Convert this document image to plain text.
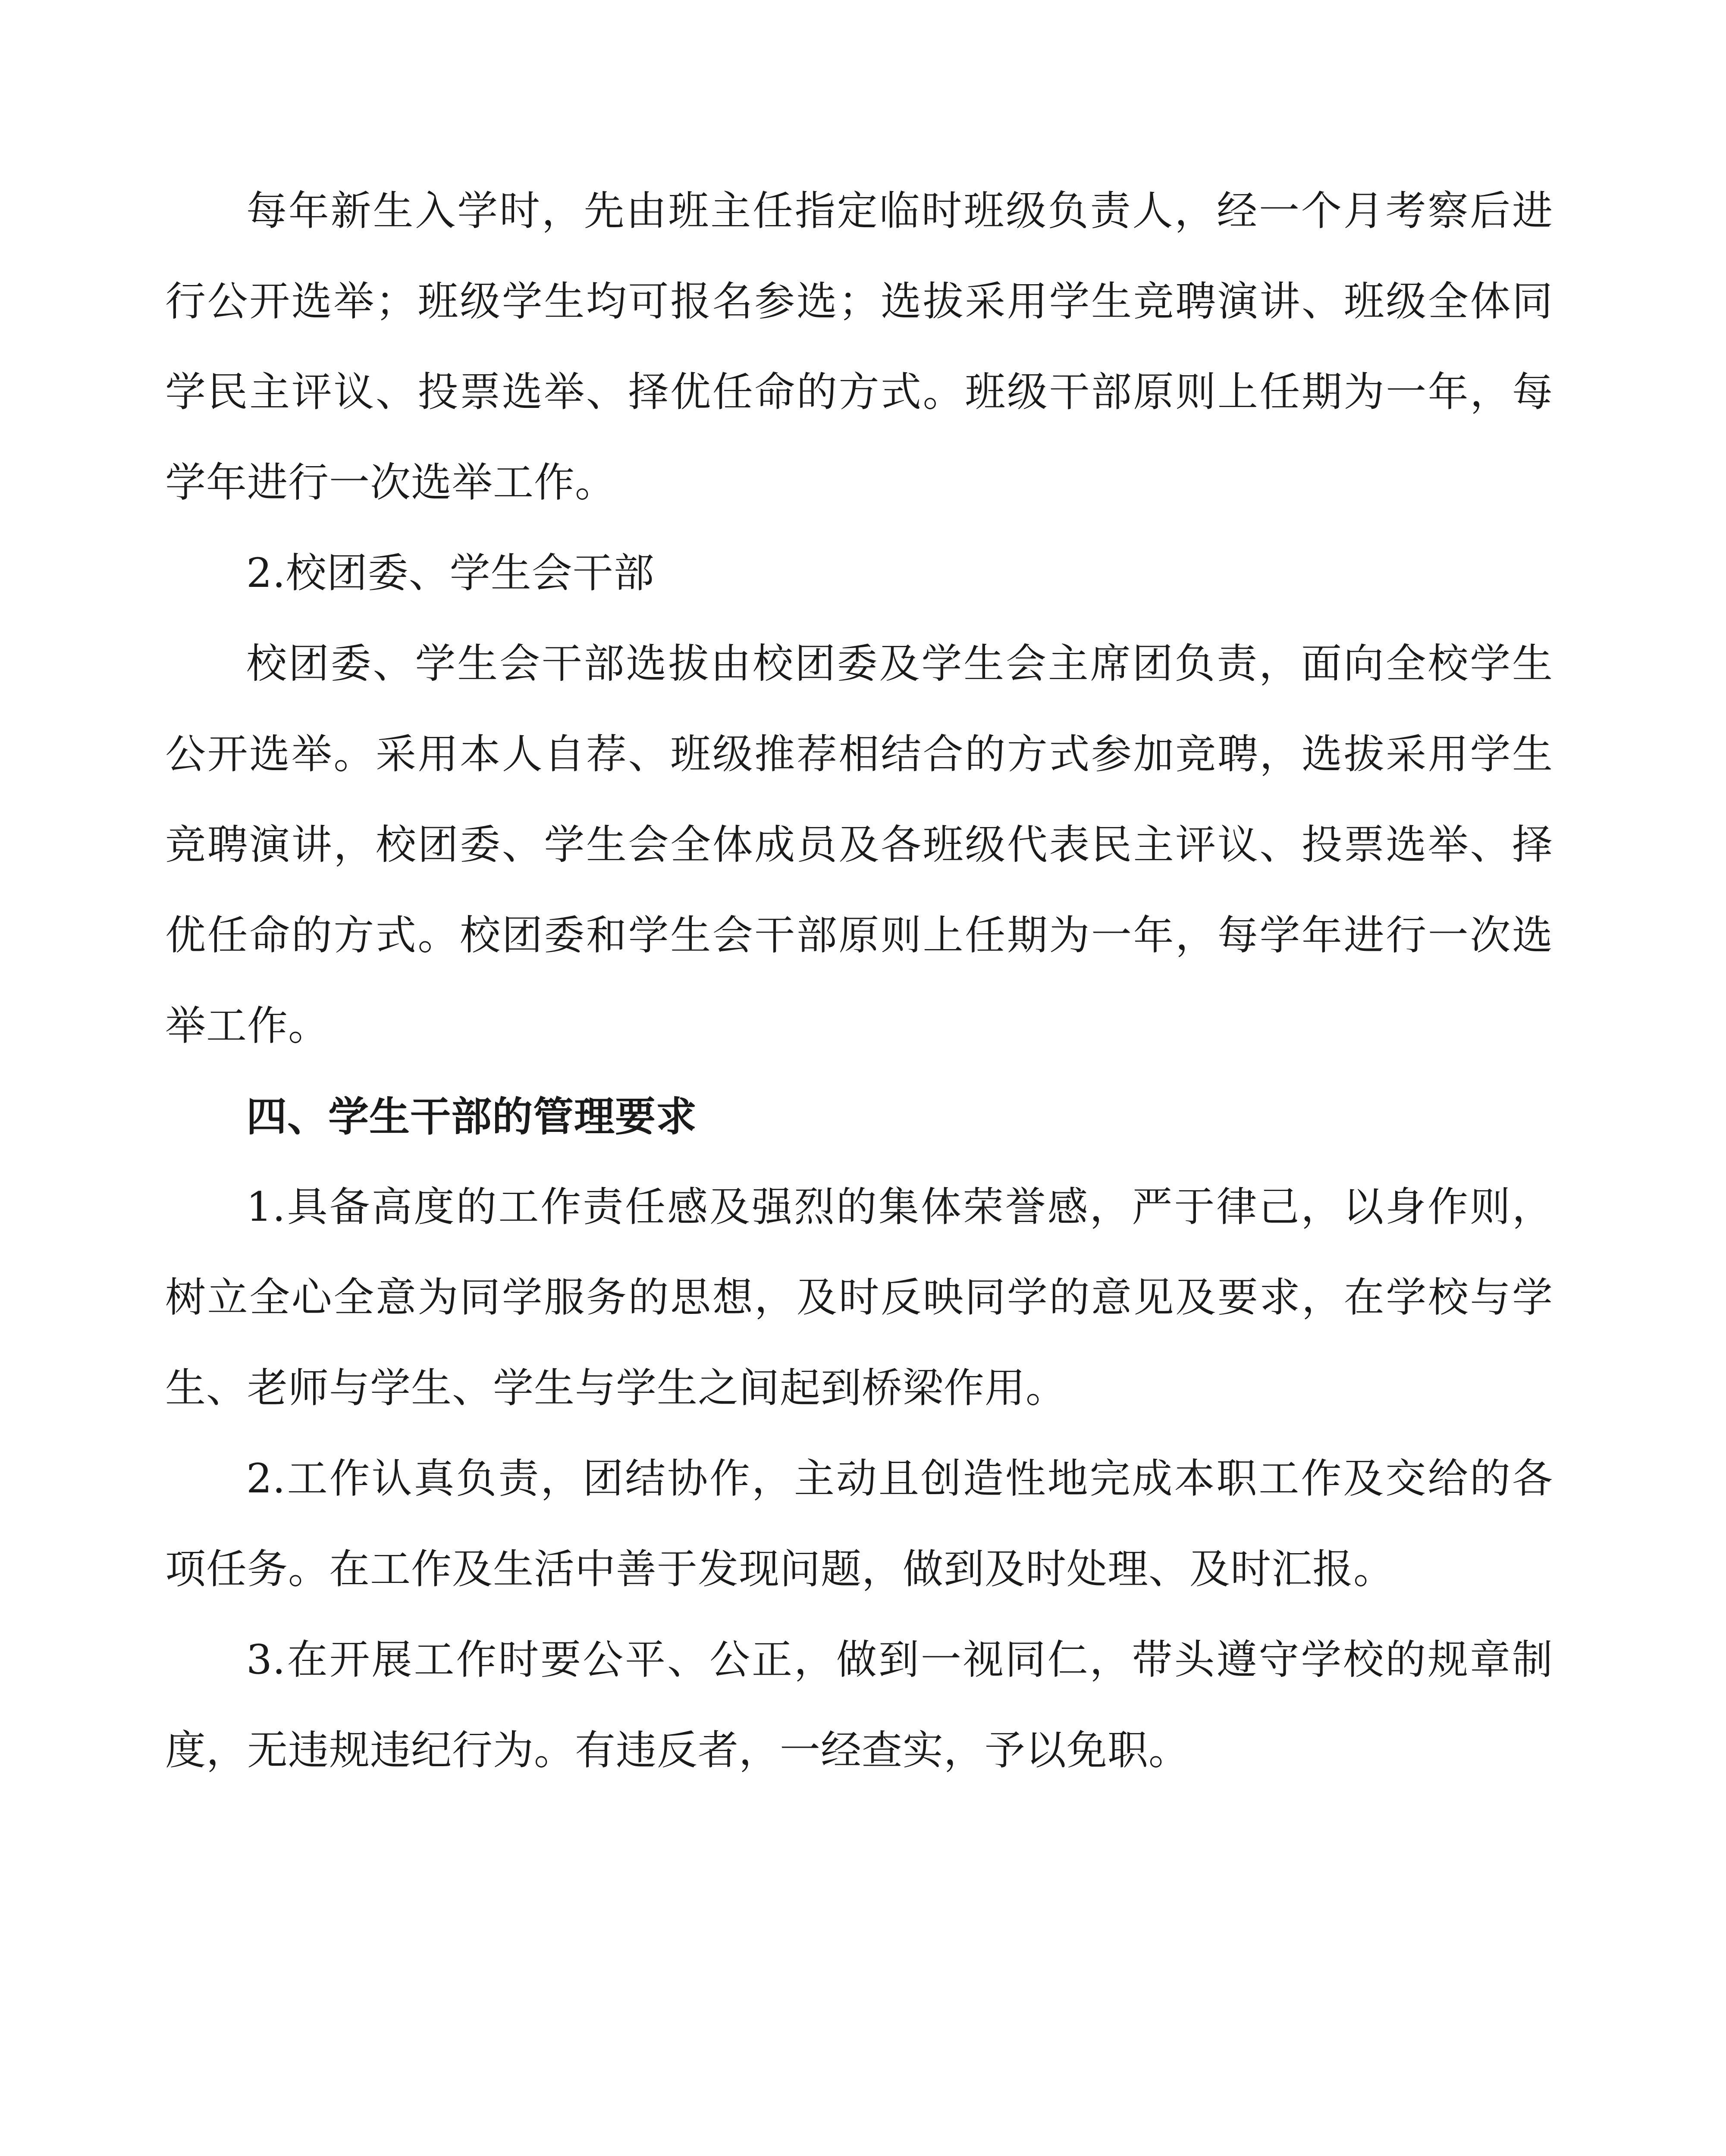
每年新生入学时，先由班主任指定临时班级负责人，经一个月考察后进行公开选举；班级学生均可报名参选；选拔采用学生竞聘演讲、班级全体同学民主评议、投票选举、择优任命的方式。班级干部原则上任期为一年，每学年进行一次选举工作。

2.校团委、学生会干部

校团委、学生会干部选拔由校团委及学生会主席团负责，面向全校学生公开选举。采用本人自荐、班级推荐相结合的方式参加竞聘，选拔采用学生竞聘演讲，校团委、学生会全体成员及各班级代表民主评议、投票选举、择优任命的方式。校团委和学生会干部原则上任期为一年，每学年进行一次选举工作。

四、学生干部的管理要求

1.具备高度的工作责任感及强烈的集体荣誉感，严于律己，以身作则，树立全心全意为同学服务的思想，及时反映同学的意见及要求，在学校与学生、老师与学生、学生与学生之间起到桥梁作用。

2.工作认真负责，团结协作，主动且创造性地完成本职工作及交给的各项任务。在工作及生活中善于发现问题，做到及时处理、及时汇报。

3.在开展工作时要公平、公正，做到一视同仁，带头遵守学校的规章制度，无违规违纪行为。有违反者，一经查实，予以免职。
